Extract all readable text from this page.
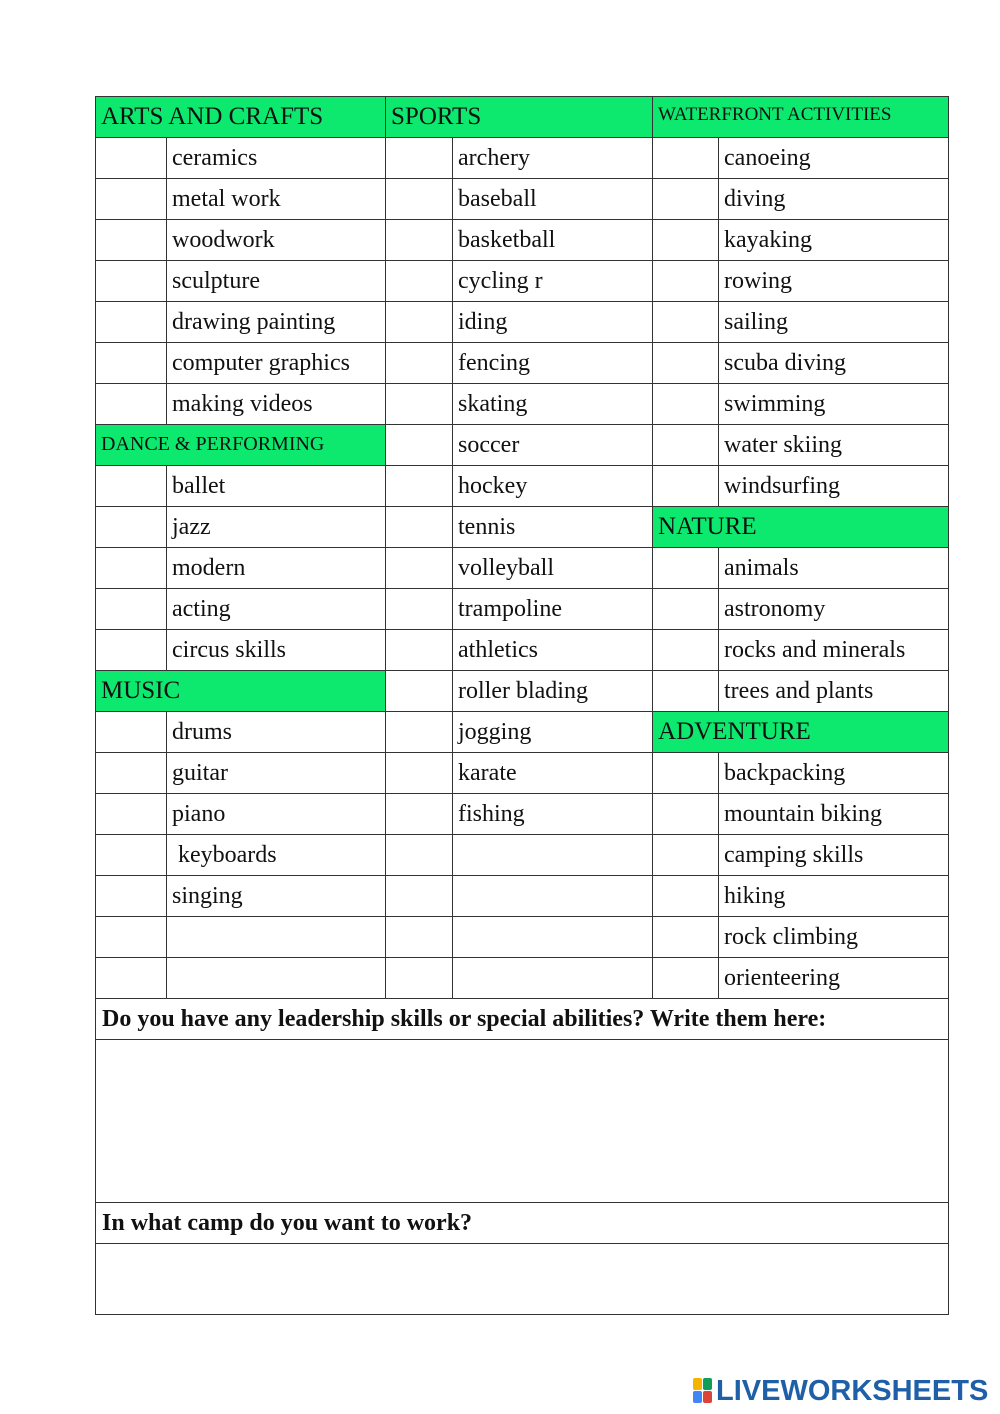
ARTS AND CRAFTS		SPORTS		WATERFRONT ACTIVITIES	
	ceramics		archery		canoeing
	metal work		baseball		diving
	woodwork		basketball		kayaking
	sculpture		cycling r		rowing
	drawing painting		iding		sailing
	computer graphics		fencing		scuba diving
	making videos		skating		swimming
DANCE & PERFORMING			soccer		water skiing
	ballet		hockey		windsurfing
	jazz		tennis	NATURE	
	modern		volleyball		animals
	acting		trampoline		astronomy
	circus skills		athletics		rocks and minerals
MUSIC			roller blading		trees and plants
	drums		jogging	ADVENTURE	
	guitar		karate		backpacking
	piano		fishing		mountain biking
	keyboards				camping skills
	singing				hiking
					rock climbing
					orienteering
Do you have any leadership skills or special abilities? Write them here:					

In what camp do you want to work?					

LIVEWORKSHEETS
